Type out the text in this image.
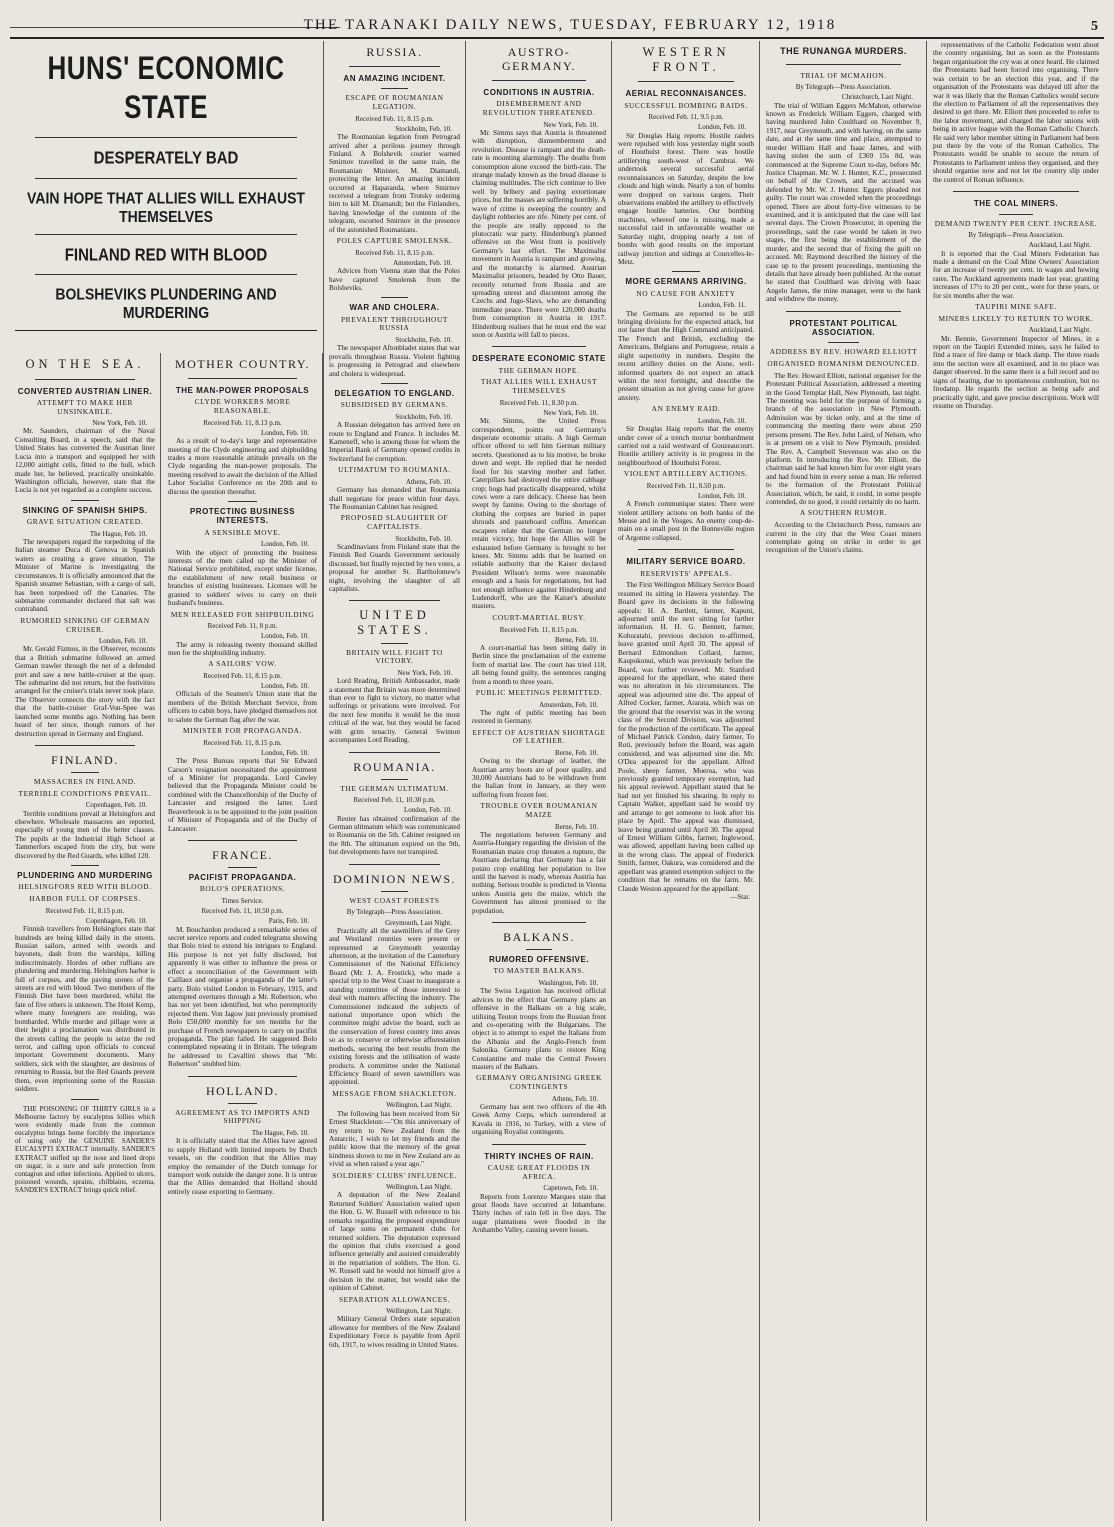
THE TARANAKI DAILY NEWS, TUESDAY, FEBRUARY 12, 1918	5
HUNS' ECONOMIC STATE
DESPERATELY BAD
VAIN HOPE THAT ALLIES WILL EXHAUST THEMSELVES
FINLAND RED WITH BLOOD
BOLSHEVIKS PLUNDERING AND MURDERING
ON THE SEA.
CONVERTED AUSTRIAN LINER.
ATTEMPT TO MAKE HER UNSINKABLE.
New York, Feb. 10.

Mr. Saunders, chairman of the Naval Consulting Board, in a speech, said that the United States has converted the Austrian liner Lucia into a transport and equipped her with 12,000 airtight cells, fitted to the hull, which made her, he believed, practically unsinkable. Washington officials, however, state that the Lucia is not yet regarded as a complete success.

SINKING OF SPANISH SHIPS.
GRAVE SITUATION CREATED.
The Hague, Feb. 10.

The newspapers regard the torpedoing of the Italian steamer Duca di Genova in Spanish waters as creating a grave situation. The Minister of Marine is investigating the circumstances. It is officially announced that the Spanish steamer Sebastian, with a cargo of salt, has been torpedoed off the Canaries. The submarine commander declared that salt was contraband.

RUMORED SINKING OF GERMAN CRUISER.
London, Feb. 10.

Mr. Gerald Fizmos, in the Observer, recounts that a British submarine followed an armed German trawler through the net of a defended port and saw a new battle-cruiser at the quay. The submarine did not return, but the festivities arranged for the cruiser's trials never took place. The Observer connects the story with the fact that the battle-cruiser Graf-Von-Spee was launched some months ago. Nothing has been heard of her since, though rumors of her destruction spread in Germany and England.

FINLAND.
MASSACRES IN FINLAND.
TERRIBLE CONDITIONS PREVAIL.
Copenhagen, Feb. 10.

Terrible conditions prevail at Helsingfors and elsewhere. Wholesale massacres are reported, especially of young men of the better classes. The pupils at the Industrial High School at Tammerfors escaped from the city, but were discovered by the Red Guards, who killed 120.

PLUNDERING AND MURDERING
HELSINGFORS RED WITH BLOOD.
HARBOR FULL OF CORPSES.
Received Feb. 11, 8.15 p.m.
Copenhagen, Feb. 10.

Finnish travellers from Helsingfors state that hundreds are being killed daily in the streets. Russian sailors, armed with swords and bayonets, dash from the warships, killing indiscriminately. Hordes of other ruffians are plundering and murdering. Helsingfors harbor is full of corpses, and the paving stones of the streets are red with blood. Two members of the Finnish Diet have been murdered, whilst the fate of five others is unknown. The Hotel Kemp, where many foreigners are residing, was bombarded. While murder and pillage were at their height a proclamation was distributed in the streets calling the people to seize the red terror, and calling upon officials to conceal important Government documents. Many soldiers, sick with the slaughter, are desirous of returning to Russia, but the Red Guards prevent them, even imprisoning some of the Russian soldiers.

THE POISONING OF THIRTY GIRLS in a Melbourne factory by eucalyptus lollies which were evidently made from the common eucalyptus brings home forcibly the importance of using only the GENUINE SANDER'S EUCALYPTI EXTRACT internally. SANDER'S EXTRACT sniffed up the nose and lined drops on sugar, is a sure and safe protection from contagion and other infections. Applied to ulcers, poisoned wounds, sprains, chilblains, eczema, SANDER'S EXTRACT brings quick relief.

MOTHER COUNTRY.
THE MAN-POWER PROPOSALS
CLYDE WORKERS MORE REASONABLE.
Received Feb. 11, 8.13 p.m.
London, Feb. 10.

As a result of to-day's large and representative meeting of the Clyde engineering and shipbuilding trades a more reasonable attitude prevails on the Clyde regarding the man-power proposals. The meeting resolved to await the decision of the Allied Labor Socialist Conference on the 20th and to discuss the question thereafter.

PROTECTING BUSINESS INTERESTS.
A SENSIBLE MOVE.
London, Feb. 10.

With the object of protecting the business interests of the men called up the Minister of National Service prohibited, except under license, the establishment of new retail business or branches of existing businesses. Licenses will be granted to soldiers' wives to carry on their husband's business.

MEN RELEASED FOR SHIPBUILDING
Received Feb. 11, 8 p.m.
London, Feb. 10.

The army is releasing twenty thousand skilled men for the shipbuilding industry.

A SAILORS' VOW.
Received Feb. 11, 8.15 p.m.
London, Feb. 10.

Officials of the Seamen's Union state that the members of the British Merchant Service, from officers to cabin boys, have pledged themselves not to salute the German flag after the war.

MINISTER FOR PROPAGANDA.
Received Feb. 11, 8.15 p.m.
London, Feb. 10.

The Press Bureau reports that Sir Edward Carson's resignation necessitated the appointment of a Minister for propaganda. Lord Cawley believed that the Propaganda Minister could be combined with the Chancellorship of the Duchy of Lancaster and resigned the latter. Lord Beaverbrook is to be appointed to the joint position of Minister of Propaganda and of the Duchy of Lancaster.

FRANCE.
PACIFIST PROPAGANDA.
BOLO'S OPERATIONS.
Times Service.
Received Feb. 11, 10.50 p.m.
Paris, Feb. 10.

M. Bouchardon produced a remarkable series of secret service reports and coded telegrams showing that Bolo tried to extend his intrigues to England. His purpose is not yet fully disclosed, but apparently it was either to influence the press or effect a reconciliation of the Government with Caillaux and organise a propaganda of the latter's party. Bolo visited London in February, 1915, and attempted overtures through a Mr. Robertson, who has not yet been identified, but who peremptorily rejected them. Von Jagow just previously promised Bolo £50,000 monthly for ten months for the purchase of French newspapers to carry on pacifist propaganda. The plan failed. He suggested Bolo contemplated repeating it in Britain. The telegram he addressed to Cavallini shows that "Mr. Robertson" snubbed him.

HOLLAND.
AGREEMENT AS TO IMPORTS AND SHIPPING
The Hague, Feb. 10.

It is officially stated that the Allies have agreed to supply Holland with limited imports by Dutch vessels, on the condition that the Allies may employ the remainder of the Dutch tonnage for transport work outside the danger zone. It is untrue that the Allies demanded that Holland should entirely cease exporting to Germany.

RUSSIA.
AN AMAZING INCIDENT.
ESCAPE OF ROUMANIAN LEGATION.
Received Feb. 11, 8.15 p.m.
Stockholm, Feb. 10.

The Roumanian legation from Petrograd arrived after a perilous journey through Finland. A Bolshevik courier warned Smirnov travelled in the same train, the Roumanian Minister, M. Diamandi, protecting the letter. An amazing incident occurred at Haparanda, where Smirnov received a telegram from Trotsky ordering him to kill M. Diamandi; but the Finlanders, having knowledge of the contents of the telegram, escorted Smirnov in the presence of the astonished Roumanians.

POLES CAPTURE SMOLENSK.
Received Feb. 11, 8.15 p.m.
Amsterdam, Feb. 10.

Advices from Vienna state that the Poles have captured Smolensk from the Bolsheviks.

WAR AND CHOLERA.
PREVALENT THROUGHOUT RUSSIA
Stockholm, Feb. 10.

The newspaper Aftonbladet states that war prevails throughout Russia. Violent fighting is progressing in Petrograd and elsewhere and cholera is widespread.

DELEGATION TO ENGLAND.
SUBSIDISED BY GERMANS.
Stockholm, Feb. 10.

A Russian delegation has arrived here en route to England and France. It includes M. Kameneff, who is among those for whom the Imperial Bank of Germany opened credits in Switzerland for corruption.

ULTIMATUM TO ROUMANIA.
Athens, Feb. 10.

Germany has demanded that Roumania shall negotiate for peace within four days. The Roumanian Cabinet has resigned.

PROPOSED SLAUGHTER OF CAPITALISTS.
Stockholm, Feb. 10.

Scandinavians from Finland state that the Finnish Red Guards Government seriously discussed, but finally rejected by two votes, a proposal for another St. Bartholomew's night, involving the slaughter of all capitalists.

UNITED STATES.
BRITAIN WILL FIGHT TO VICTORY.
New York, Feb. 10.

Lord Reading, British Ambassador, made a statement that Britain was more determined than ever to fight to victory, no matter what sufferings or privations were involved. For the next few months it would be the most critical of the war, but they would be faced with grim tenacity. General Swinton accompanies Lord Reading.

ROUMANIA.
THE GERMAN ULTIMATUM.
Received Feb. 11, 10.30 p.m.
London, Feb. 10.

Reuter has obtained confirmation of the German ultimatum which was communicated to Roumania on the 5th. Cabinet resigned on the 8th. The ultimatum expired on the 9th, but developments have not transpired.

DOMINION NEWS.
WEST COAST FORESTS
By Telegraph—Press Association.
Greymouth, Last Night.

Practically all the sawmillers of the Grey and Westland counties were present or represented at Greymouth yesterday afternoon, at the invitation of the Canterbury Commissioner of the National Efficiency Board (Mr. J. A. Frostick), who made a special trip to the West Coast to inaugurate a standing committee of those interested to deal with matters affecting the industry. The Commissioner indicated the subjects of national importance upon which the committee might advise the board, such as the conservation of forest country into areas so as to conserve or otherwise afforestation methods, securing the best results from the existing forests and the utilisation of waste products. A committee under the National Efficiency Board of seven sawmillers was appointed.

MESSAGE FROM SHACKLETON.
Wellington, Last Night.

The following has been received from Sir Ernest Shackleton:—"On this anniversary of my return to New Zealand from the Antarctic, I wish to let my friends and the public know that the memory of the great kindness shown to me in New Zealand are as vivid as when raised a year ago."

SOLDIERS' CLUBS' INFLUENCE.
Wellington, Last Night.

A deputation of the New Zealand Returned Soldiers' Association waited upon the Hon. G. W. Russell with reference to his remarks regarding the proposed expenditure of large sums on permanent clubs for returned soldiers. The deputation expressed the opinion that clubs exercised a good influence generally and assisted considerably in the repatriation of soldiers. The Hon. G. W. Russell said he would not himself give a decision in the matter, but would take the opinion of Cabinet.

SEPARATION ALLOWANCES.
Wellington, Last Night.

Military General Orders state separation allowance for members of the New Zealand Expeditionary Force is payable from April 6th, 1917, to wives residing in United States.

AUSTRO-GERMANY.
CONDITIONS IN AUSTRIA.
DISEMBERMENT AND REVOLUTION THREATENED.
New York, Feb. 10.

Mr. Simms says that Austria is threatened with disruption, dismemberment and revolution. Disease is rampant and the death-rate is mounting alarmingly. The deaths from consumption alone exceed the birth-rate. The strange malady known as the bread disease is claiming multitudes. The rich continue to live well by bribery and paying extortionate prices, but the masses are suffering horribly. A wave of crime is sweeping the country and daylight robberies are rife. Ninety per cent. of the people are really opposed to the plutocratic war party. Hindenburg's planned offensive on the West front is positively Germany's last effort. The Maximalist movement in Austria is rampant and growing, and the monarchy is alarmed. Austrian Maximalist prisoners, headed by Otto Bauer, recently returned from Russia and are spreading unrest and discontent among the Czechs and Jugo-Slavs, who are demanding immediate peace. There were 120,000 deaths from consumption in Austria in 1917. Hindenburg realises that he must end the war soon or Austria will fall to pieces.

DESPERATE ECONOMIC STATE
THE GERMAN HOPE.
THAT ALLIES WILL EXHAUST THEMSELVES
Received Feb. 11, 8.30 p.m.
New York, Feb. 10.

Mr. Simms, the United Press correspondent, points out Germany's desperate economic straits. A high German officer offered to sell him German military secrets. Questioned as to his motive, he broke down and wept. He replied that he needed food for his starving mother and father. Caterpillars had destroyed the entire cabbage crop; hogs had practically disappeared, whilst cows were a rare delicacy. Cheese has been swept by famine. Owing to the shortage of clothing the corpses are buried in paper shrouds and pasteboard coffins. American escapees relate that the German no longer retain victory, but hope the Allies will be exhausted before Germany is brought to her knees. Mr. Simms adds that he learned on reliable authority that the Kaiser declared President Wilson's terms were reasonable enough and a basis for negotiations, but had not enough influence against Hindenburg and Ludendorff, who are the Kaiser's absolute masters.

COURT-MARTIAL BUSY.
Received Feb. 11, 8.15 p.m.
Berne, Feb. 10.

A court-martial has been sitting daily in Berlin since the proclamation of the extreme form of martial law. The court has tried 118, all being found guilty, the sentences ranging from a month to three years.

PUBLIC MEETINGS PERMITTED.
Amsterdam, Feb. 10.

The right of public meeting has been restored in Germany.

EFFECT OF AUSTRIAN SHORTAGE OF LEATHER.
Berne, Feb. 10.

Owing to the shortage of leather, the Austrian army boots are of poor quality, and 30,000 Austrians had to be withdrawn from the Italian front in January, as they were suffering from frozen feet.

TROUBLE OVER ROUMANIAN MAIZE
Berne, Feb. 10.

The negotiations between Germany and Austria-Hungary regarding the division of the Roumanian maize crop threaten a rupture, the Austrians declaring that Germany has a fair potato crop enabling her population to live until the harvest is ready, whereas Austria has nothing. Serious trouble is predicted in Vienna unless Austria gets the maize, which the Government has almost promised to the population.

BALKANS.
RUMORED OFFENSIVE.
TO MASTER BALKANS.
Washington, Feb. 10.

The Swiss Legation has received official advices to the effect that Germany plans an offensive in the Balkans on a big scale, utilising Teuton troops from the Russian front and co-operating with the Bulgarians. The object is to attempt to expel the Italians from the Albania and the Anglo-French from Salonika. Germany plans to restore King Constantine and make the Central Powers masters of the Balkans.

GERMANY ORGANISING GREEK CONTINGENTS
Athens, Feb. 10.

Germany has sent two officers of the 4th Greek Army Corps, which surrendered at Kavala in 1916, to Turkey, with a view of organising Royalist contingents.

THIRTY INCHES OF RAIN.
CAUSE GREAT FLOODS IN AFRICA.
Capetown, Feb. 10.

Reports from Lorenzo Marques state that great floods have occurred at Inhambane. Thirty inches of rain fell in five days. The sugar plantations were flooded in the Aruhambo Valley, causing severe losses.

WESTERN FRONT.
AERIAL RECONNAISANCES.
SUCCESSFUL BOMBING RAIDS.
Received Feb. 11, 9.5 p.m.
London, Feb. 10.

Sir Douglas Haig reports: Hostile raiders were repulsed with loss yesterday night south of Houthulst forest. There was hostile artillerying south-west of Cambrai. We undertook several successful aerial reconnaissances on Saturday, despite the low clouds and high winds. Nearly a ton of bombs were dropped on various targets. Their observations enabled the artillery to effectively engage hostile batteries. Our bombing machines, whereof one is missing, made a successful raid in unfavourable weather on Saturday night, dropping nearly a ton of bombs with good results on the important railway junction and sidings at Courcelles-le-Metz.

MORE GERMANS ARRIVING.
NO CAUSE FOR ANXIETY
London, Feb. 11.

The Germans are reported to be still bringing divisions for the expected attack, but not faster than the High Command anticipated. The French and British, excluding the Americans, Belgians and Portuguese, retain a slight superiority in numbers. Despite the recent artillery duties on the Aisne, well-informed quarters do not expect an attack within the next fortnight, and describe the present situation as not giving cause for grave anxiety.

AN ENEMY RAID.
London, Feb. 10.

Sir Douglas Haig reports that the enemy under cover of a trench mortar bombardment carried out a raid westward of Gouzeaucourt. Hostile artillery activity is in progress in the neighbourhood of Houthulst Forest.

VIOLENT ARTILLERY ACTIONS.
Received Feb. 11, 8.50 p.m.
London, Feb. 10.

A French communique states: There were violent artillery actions on both banks of the Meuse and in the Vosges. An enemy coup-de-main on a small post in the Bonneville region of Argonne collapsed.

MILITARY SERVICE BOARD.
RESERVISTS' APPEALS.

The First Wellington Military Service Board resumed its sitting in Hawera yesterday. The Board gave its decisions in the following appeals: H. A. Bartlett, farmer, Kapuni, adjourned until the next sitting for further information. H. H. G. Bennett, farmer, Kohuratahi, previous decision re-affirmed, leave granted until April 30. The appeal of Bernard Edmondson Collard, farmer, Kaupokonui, which was previously before the Board, was further reviewed. Mr. Stanford appeared for the appellant, who stated there was no alteration in his circumstances. The appeal was adjourned sine die. The appeal of Alfred Cocker, farmer, Ararata, which was on the ground that the reservist was in the wrong class of the Second Division, was adjourned for the production of the certificate. The appeal of Michael Patrick Condon, dairy farmer, To Roti, previously before the Board, was again considered, and was adjourned sine die. Mr. O'Dea appeared for the appellant. Alfred Poole, sheep farmer, Moeroa, who was previously granted temporary exemption, had his appeal reviewed. Appellant stated that he had not yet finished his shearing. In reply to Captain Walker, appellant said he would try and arrange to get someone to look after his place by April. The appeal was dismissed, leave being granted until April 30. The appeal of Ernest William Gibbs, farmer, Inglewood, was allowed, appellant having been called up in the wrong class. The appeal of Frederick Smith, farmer, Oakura, was considered and the appellant was granted exemption subject to the condition that he remains on the farm. Mr. Claude Weston appeared for the appellant.

—Star.
THE RUNANGA MURDERS.
TRIAL OF MCMAHON.
By Telegraph—Press Association.
Christchurch, Last Night.

The trial of William Eggers McMahon, otherwise known as Frederick William Eggers, charged with having murdered John Coulthard on November 9, 1917, near Greymouth, and with having, on the same date, and at the same time and place, attempted to murder William Hall and Isaac James, and with having stolen the sum of £369 15s 8d, was commenced at the Supreme Court to-day, before Mr. Justice Chapman. Mr. W. J. Hunter, K.C., prosecuted on behalf of the Crown, and the accused was defended by Mr. W. J. Hunter. Eggers pleaded not guilty. The court was crowded when the proceedings opened. There are about forty-five witnesses to be examined, and it is anticipated that the case will last several days. The Crown Prosecutor, in opening the proceedings, said the case would be taken in two stages, the first being the establishment of the murder, and the second that of fixing the guilt on accused. Mr. Raymond described the history of the case up to the present proceedings, mentioning the details that have already been published. At the outset he stated that Coulthard was driving with Isaac Angelo James, the mine manager, went to the bank and withdrew the money.

PROTESTANT POLITICAL ASSOCIATION.
ADDRESS BY REV. HOWARD ELLIOTT
ORGANISED ROMANISM DENOUNCED.

The Rev. Howard Elliott, national organiser for the Protestant Political Association, addressed a meeting in the Good Templar Hall, New Plymouth, last night. The meeting was held for the purpose of forming a branch of the association in New Plymouth. Admission was by ticket only, and at the time of commencing the meeting there were about 250 persons present. The Rev. John Laird, of Nelson, who is at present on a visit to New Plymouth, presided. The Rev. A. Campbell Stevenson was also on the platform. In introducing the Rev. Mr. Elliott, the chairman said he had known him for over eight years and had found him in every sense a man. He referred to the formation of the Protestant Political Association, which, he said, it could, in some people contended, do no good, it could certainly do no harm.

A SOUTHERN RUMOR.

According to the Christchurch Press, rumours are current in the city that the West Coast miners contemplate going on strike in order to get recognition of the Union's claims.

representatives of the Catholic Federation went about the country organising, but as soon as the Protestants began organisation the cry was at once heard. He claimed the Protestants had been forced into organising. There was certain to be an election this year, and if the organisation of the Protestants was delayed till after the war it was likely that the Roman Catholics would secure the election to Parliament of all the representatives they desired to get there. Mr. Elliott then proceeded to refer to the labor movement, and charged the labor unions with being in active league with the Roman Catholic Church. He said very labor member sitting in Parliament had been put there by the vote of the Roman Catholics. The Protestants would be unable to secure the return of Protestants to Parliament unless they organised, and they should organise now and not let the country slip under the control of Roman influence.

THE COAL MINERS.
DEMAND TWENTY PER CENT. INCREASE.
By Telegraph—Press Association.
Auckland, Last Night.

It is reported that the Coal Miners Federation has made a demand on the Coal Mine Owners' Association for an increase of twenty per cent. in wages and hewing rates. The Auckland agreements made last year, granting increases of 17½ to 20 per cent., were for three years, or for six months after the war.

TAUPIRI MINE SAFE.
MINERS LIKELY TO RETURN TO WORK.
Auckland, Last Night.

Mr. Bennie, Government Inspector of Mines, in a report on the Taupiri Extended mines, says he failed to find a trace of fire damp or black damp. The three roads into the section were all examined, and in no place was danger observed. In the same there is a full record and no signs of heating, due to spontaneous combustion, but no firedamp. He regards the section as being safe and practically tight, and gave precise descriptions. Work will resume on Thursday.
